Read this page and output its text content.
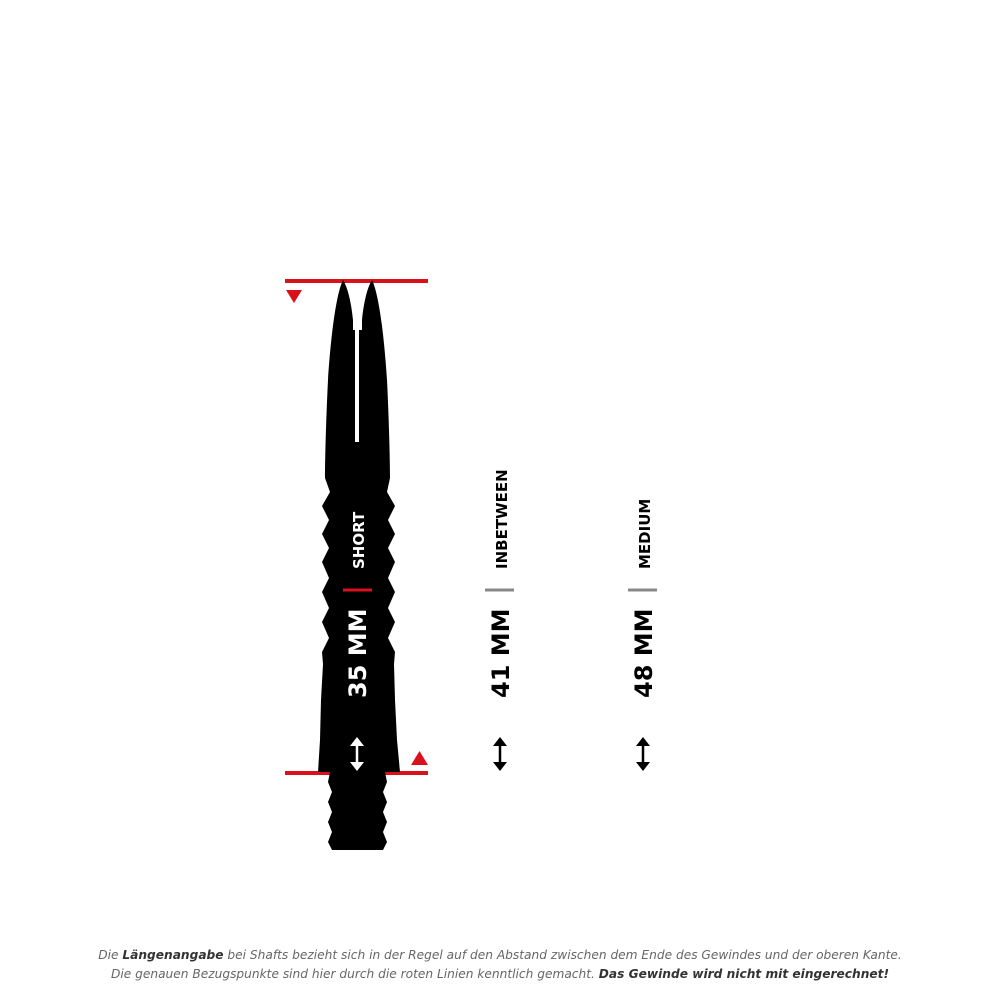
SHORT
35 MM
INBETWEEN
41 MM
MEDIUM
48 MM
Die Längenangabe bei Shafts bezieht sich in der Regel auf den Abstand zwischen dem Ende des Gewindes und der oberen Kante.
Die genauen Bezugspunkte sind hier durch die roten Linien kenntlich gemacht. Das Gewinde wird nicht mit eingerechnet!
